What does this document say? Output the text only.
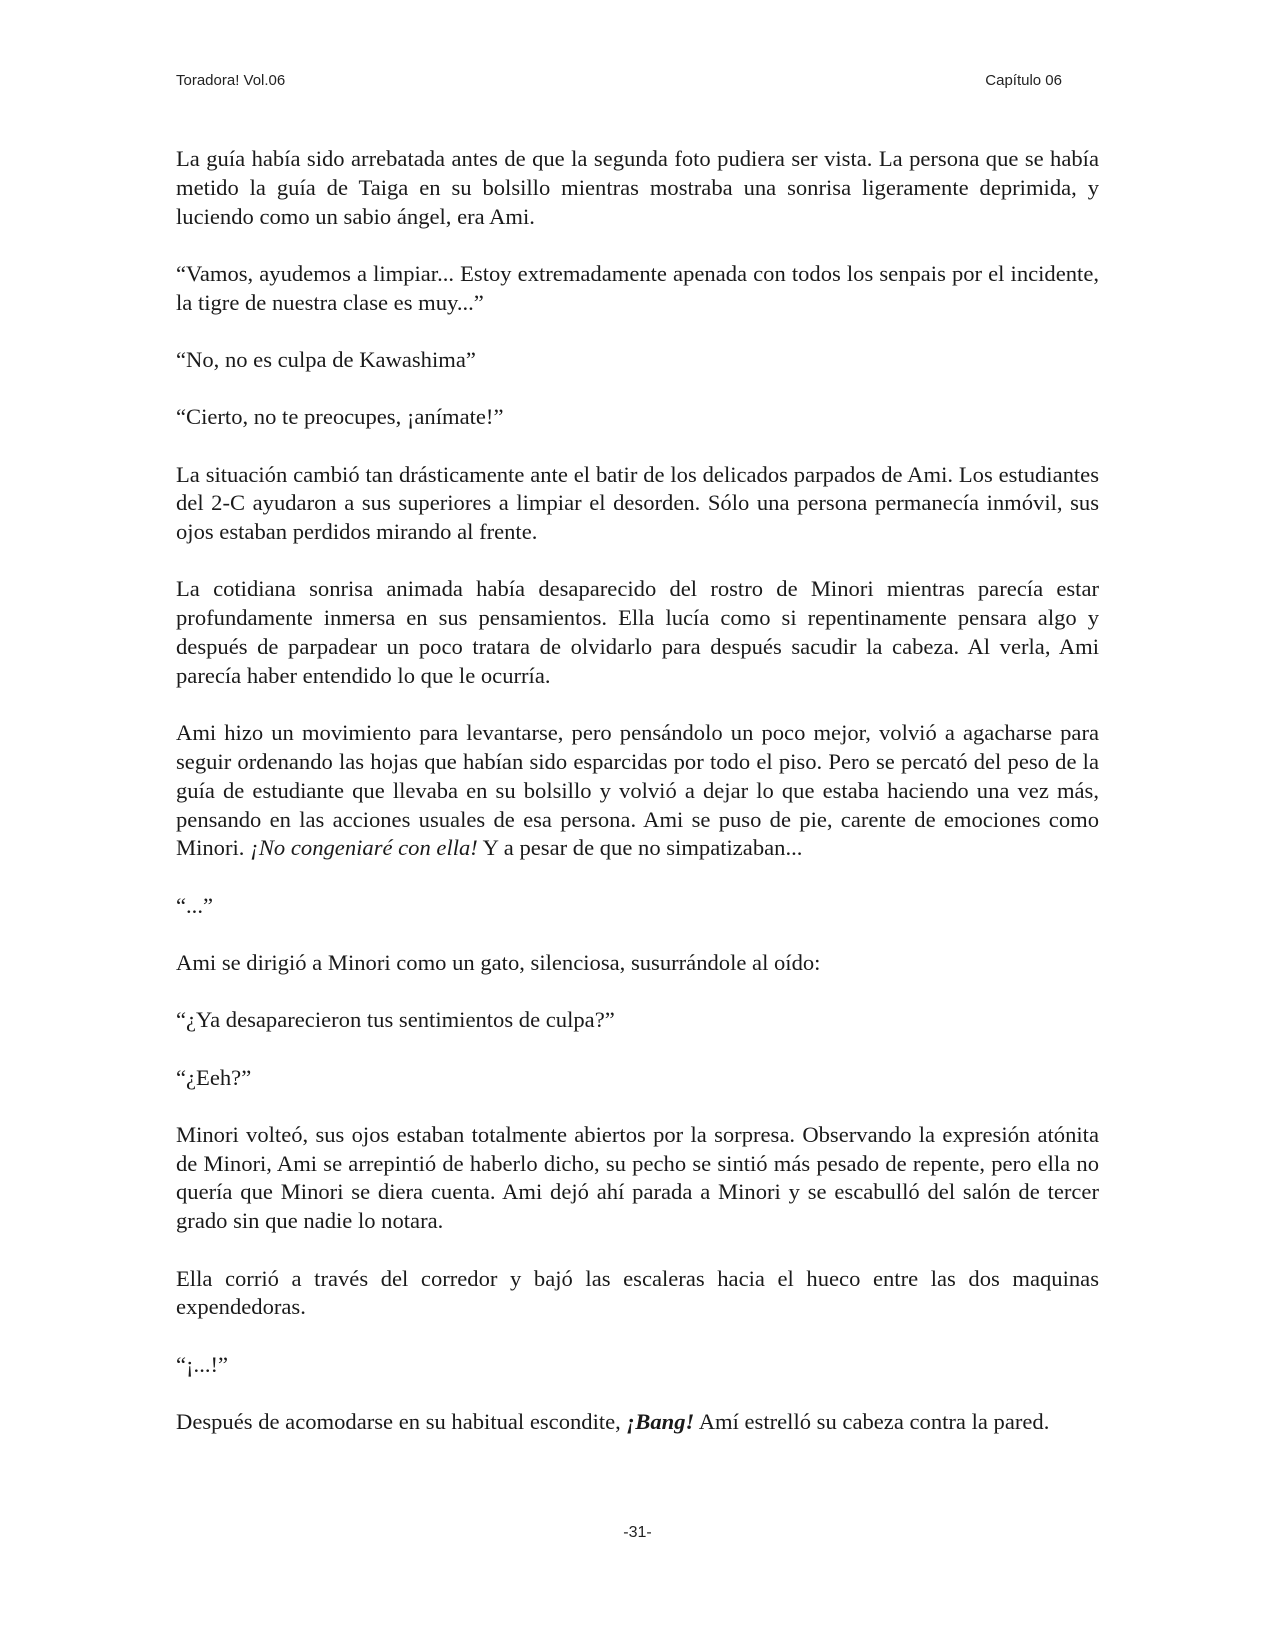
Toradora! Vol.06	Capítulo 06

La guía había sido arrebatada antes de que la segunda foto pudiera ser vista. La persona que se había metido la guía de Taiga en su bolsillo mientras mostraba una sonrisa ligeramente deprimida, y luciendo como un sabio ángel, era Ami.

“Vamos, ayudemos a limpiar... Estoy extremadamente apenada con todos los senpais por el incidente, la tigre de nuestra clase es muy...”

“No, no es culpa de Kawashima”

“Cierto, no te preocupes, ¡anímate!”

La situación cambió tan drásticamente ante el batir de los delicados parpados de Ami. Los estudiantes del 2-C ayudaron a sus superiores a limpiar el desorden. Sólo una persona permanecía inmóvil, sus ojos estaban perdidos mirando al frente.

La cotidiana sonrisa animada había desaparecido del rostro de Minori mientras parecía estar profundamente inmersa en sus pensamientos. Ella lucía como si repentinamente pensara algo y después de parpadear un poco tratara de olvidarlo para después sacudir la cabeza. Al verla, Ami parecía haber entendido lo que le ocurría.

Ami hizo un movimiento para levantarse, pero pensándolo un poco mejor, volvió a agacharse para seguir ordenando las hojas que habían sido esparcidas por todo el piso. Pero se percató del peso de la guía de estudiante que llevaba en su bolsillo y volvió a dejar lo que estaba haciendo una vez más, pensando en las acciones usuales de esa persona. Ami se puso de pie, carente de emociones como Minori. ¡No congeniaré con ella! Y a pesar de que no simpatizaban...

“...”

Ami se dirigió a Minori como un gato, silenciosa, susurrándole al oído:

“¿Ya desaparecieron tus sentimientos de culpa?”

“¿Eeh?”

Minori volteó, sus ojos estaban totalmente abiertos por la sorpresa. Observando la expresión atónita de Minori, Ami se arrepintió de haberlo dicho, su pecho se sintió más pesado de repente, pero ella no quería que Minori se diera cuenta. Ami dejó ahí parada a Minori y se escabulló del salón de tercer grado sin que nadie lo notara.

Ella corrió a través del corredor y bajó las escaleras hacia el hueco entre las dos maquinas expendedoras.

“¡...!”

Después de acomodarse en su habitual escondite, ¡Bang! Amí estrelló su cabeza contra la pared.

-31-
